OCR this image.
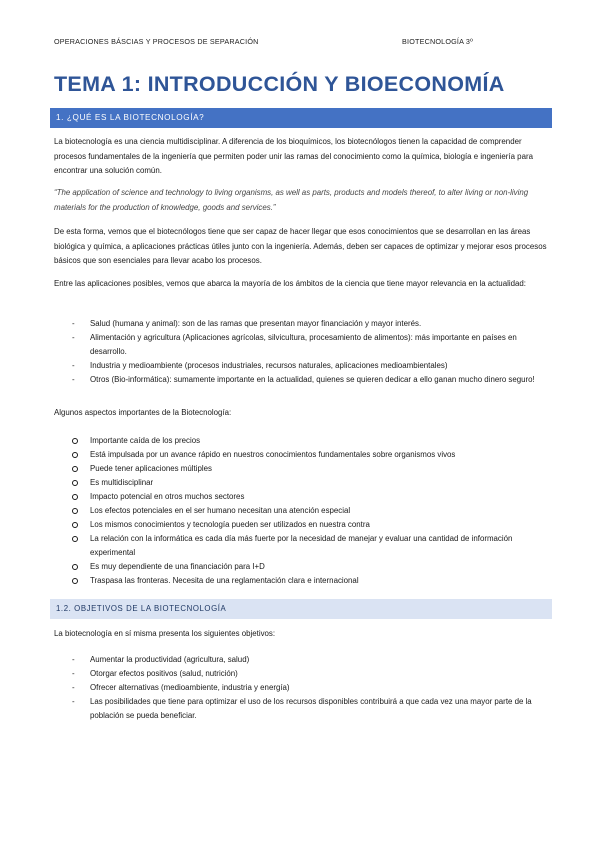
OPERACIONES BÁSCIAS Y PROCESOS DE SEPARACIÓN	BIOTECNOLOGÍA 3º
TEMA 1: INTRODUCCIÓN Y BIOECONOMÍA
1. ¿QUÉ ES LA BIOTECNOLOGÍA?

La biotecnología es una ciencia multidisciplinar. A diferencia de los bioquímicos, los biotecnólogos tienen la capacidad de comprender procesos fundamentales de la ingeniería que permiten poder unir las ramas del conocimiento como la química, biología e ingeniería para encontrar una solución común.

“The application of science and technology to living organisms, as well as parts, products and models thereof, to alter living or non-living materials for the production of knowledge, goods and services.”

De esta forma, vemos que el biotecnólogos tiene que ser capaz de hacer llegar que esos conocimientos que se desarrollan en las áreas biológica y química, a aplicaciones prácticas útiles junto con la ingeniería. Además, deben ser capaces de optimizar y mejorar esos procesos básicos que son esenciales para llevar acabo los procesos.

Entre las aplicaciones posibles, vemos que abarca la mayoría de los ámbitos de la ciencia que tiene mayor relevancia en la actualidad:

- Salud (humana y animal): son de las ramas que presentan mayor financiación y mayor interés.
- Alimentación y agricultura (Aplicaciones agrícolas, silvicultura, procesamiento de alimentos): más importante en países en desarrollo.
- Industria y medioambiente (procesos industriales, recursos naturales, aplicaciones medioambientales)
- Otros (Bio-informática): sumamente importante en la actualidad, quienes se quieren dedicar a ello ganan mucho dinero seguro!

Algunos aspectos importantes de la Biotecnología:

Importante caída de los precios
Está impulsada por un avance rápido en nuestros conocimientos fundamentales sobre organismos vivos
Puede tener aplicaciones múltiples
Es multidisciplinar
Impacto potencial en otros muchos sectores
Los efectos potenciales en el ser humano necesitan una atención especial
Los mismos conocimientos y tecnología pueden ser utilizados en nuestra contra
La relación con la informática es cada día más fuerte por la necesidad de manejar y evaluar una cantidad de información experimental
Es muy dependiente de una financiación para I+D
Traspasa las fronteras. Necesita de una reglamentación clara e internacional
1.2. OBJETIVOS DE LA BIOTECNOLOGÍA

La biotecnología en sí misma presenta los siguientes objetivos:

- Aumentar la productividad (agricultura, salud)
- Otorgar efectos positivos (salud, nutrición)
- Ofrecer alternativas (medioambiente, industria y energía)
- Las posibilidades que tiene para optimizar el uso de los recursos disponibles contribuirá a que cada vez una mayor parte de la población se pueda beneficiar.
